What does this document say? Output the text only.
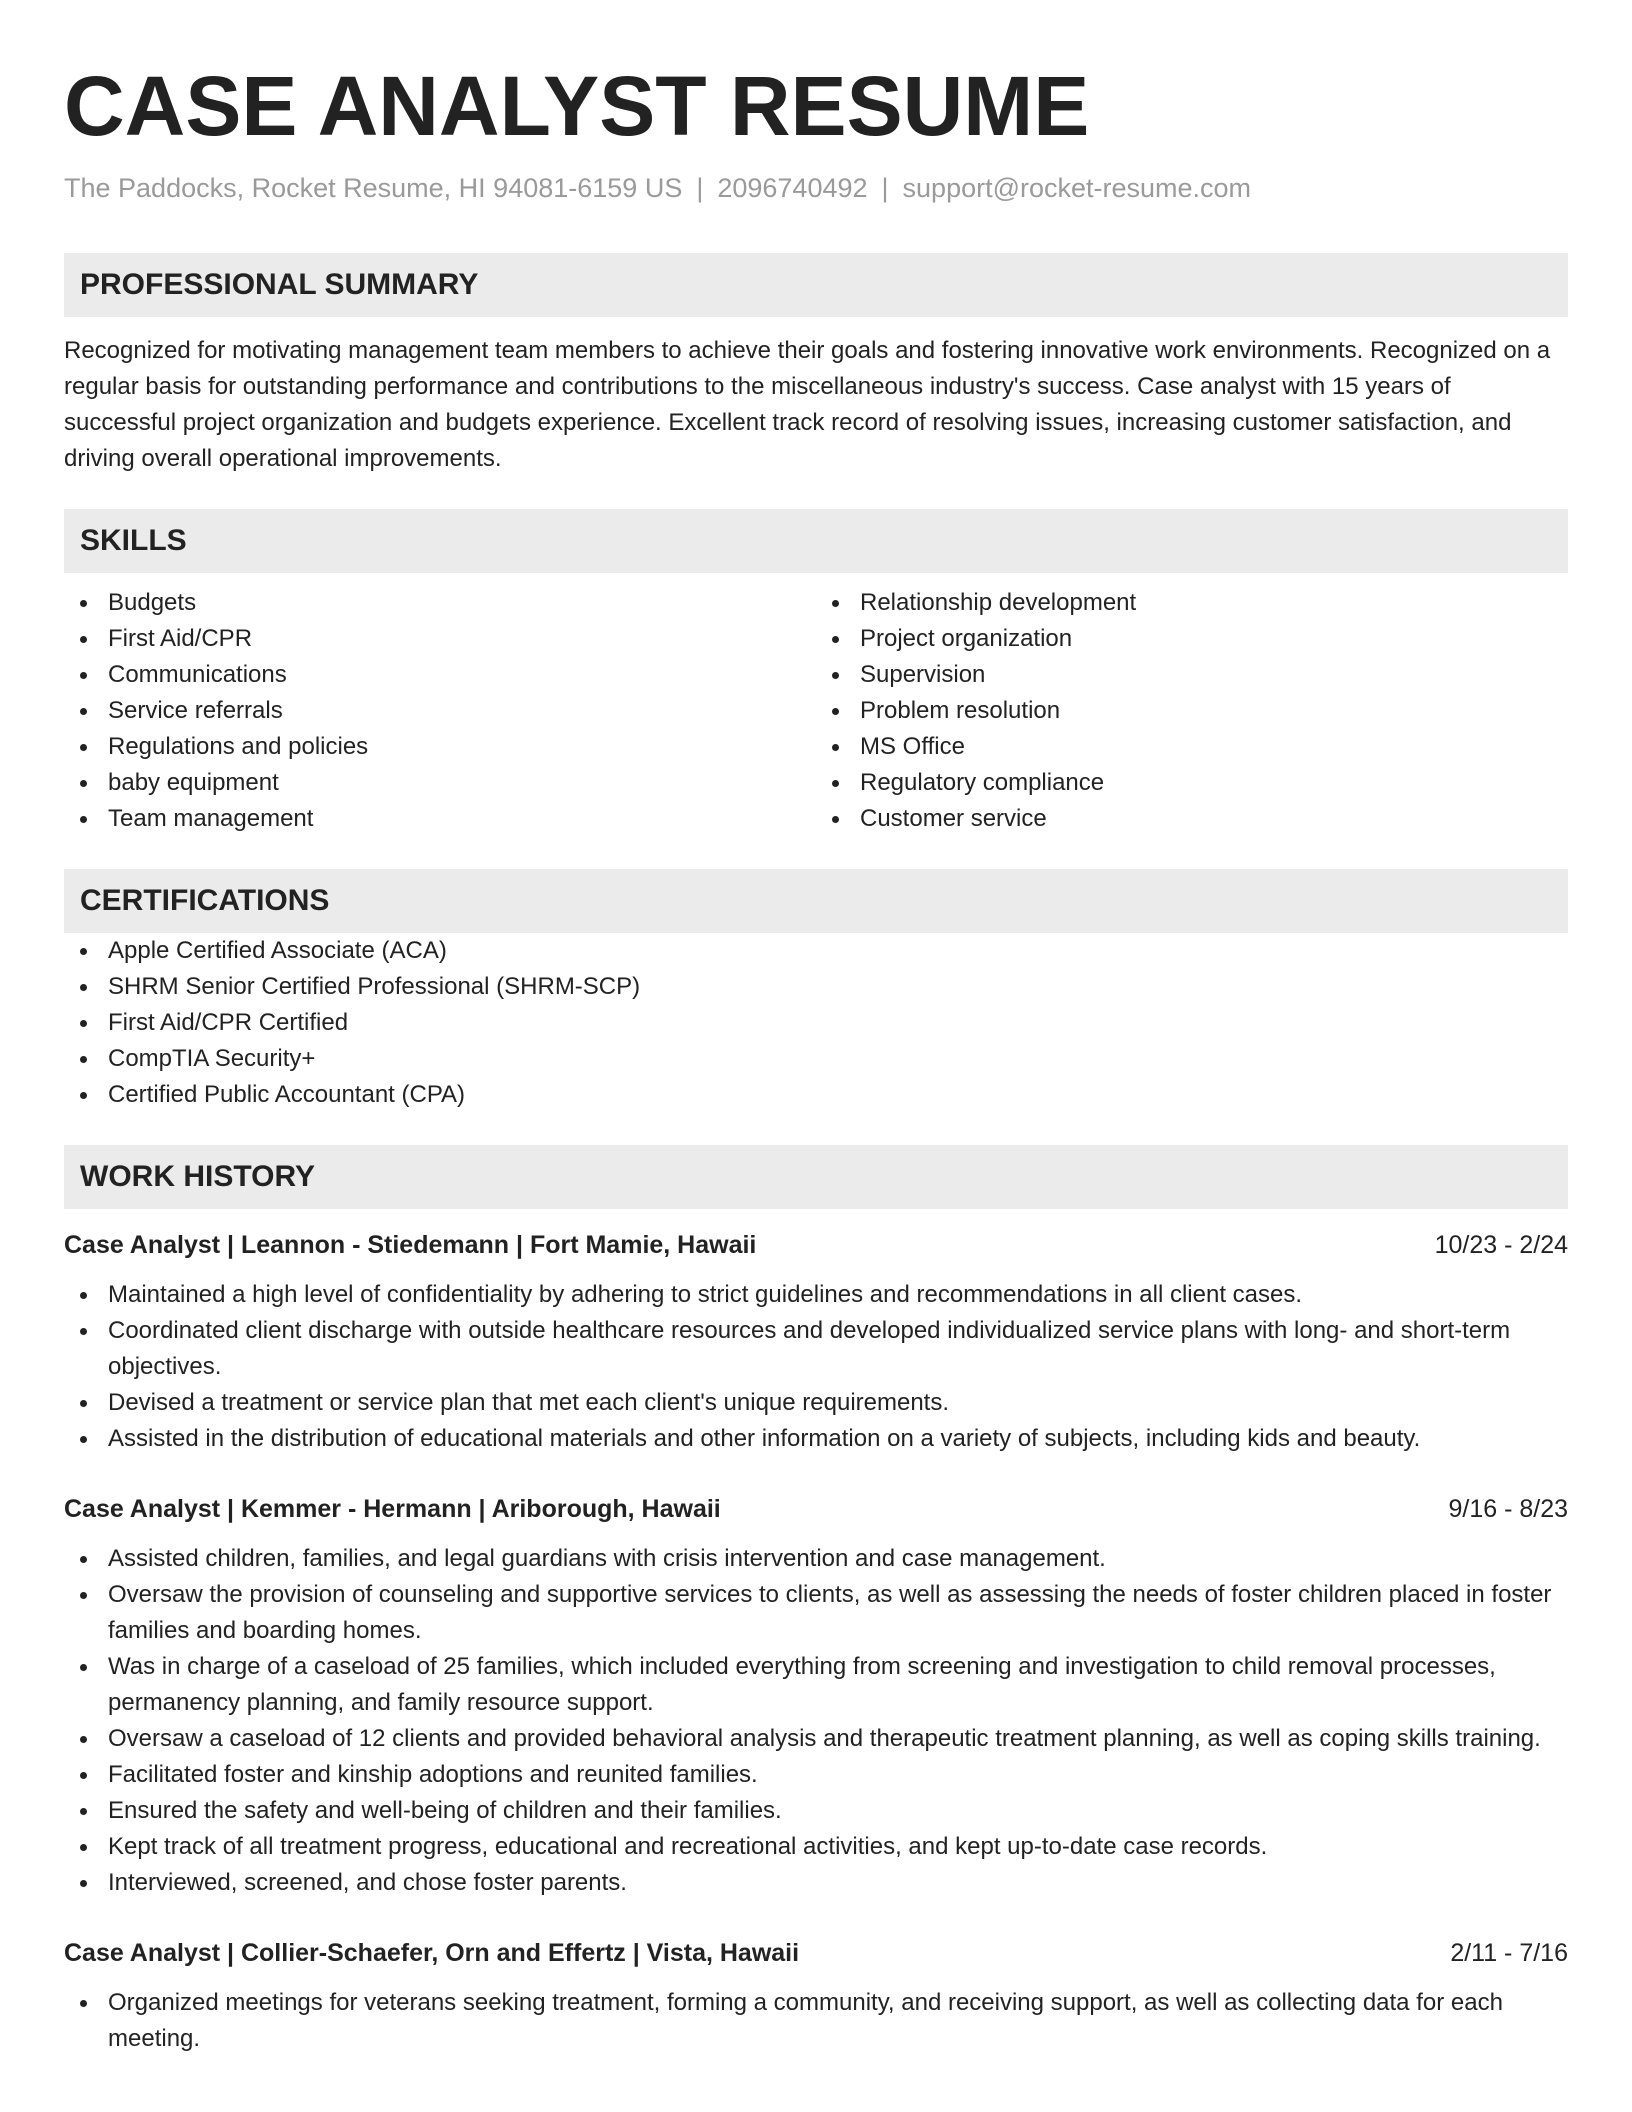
CASE ANALYST RESUME
The Paddocks, Rocket Resume, HI 94081-6159 US | 2096740492 | support@rocket-resume.com
PROFESSIONAL SUMMARY

Recognized for motivating management team members to achieve their goals and fostering innovative work environments. Recognized on a regular basis for outstanding performance and contributions to the miscellaneous industry's success. Case analyst with 15 years of successful project organization and budgets experience. Excellent track record of resolving issues, increasing customer satisfaction, and driving overall operational improvements.

SKILLS
Budgets
First Aid/CPR
Communications
Service referrals
Regulations and policies
baby equipment
Team management
Relationship development
Project organization
Supervision
Problem resolution
MS Office
Regulatory compliance
Customer service
CERTIFICATIONS
Apple Certified Associate (ACA)
SHRM Senior Certified Professional (SHRM-SCP)
First Aid/CPR Certified
CompTIA Security+
Certified Public Accountant (CPA)
WORK HISTORY
Case Analyst | Leannon - Stiedemann | Fort Mamie, Hawaii	10/23 - 2/24
Maintained a high level of confidentiality by adhering to strict guidelines and recommendations in all client cases.
Coordinated client discharge with outside healthcare resources and developed individualized service plans with long- and short-term objectives.
Devised a treatment or service plan that met each client's unique requirements.
Assisted in the distribution of educational materials and other information on a variety of subjects, including kids and beauty.
Case Analyst | Kemmer - Hermann | Ariborough, Hawaii	9/16 - 8/23
Assisted children, families, and legal guardians with crisis intervention and case management.
Oversaw the provision of counseling and supportive services to clients, as well as assessing the needs of foster children placed in foster families and boarding homes.
Was in charge of a caseload of 25 families, which included everything from screening and investigation to child removal processes, permanency planning, and family resource support.
Oversaw a caseload of 12 clients and provided behavioral analysis and therapeutic treatment planning, as well as coping skills training.
Facilitated foster and kinship adoptions and reunited families.
Ensured the safety and well-being of children and their families.
Kept track of all treatment progress, educational and recreational activities, and kept up-to-date case records.
Interviewed, screened, and chose foster parents.
Case Analyst | Collier-Schaefer, Orn and Effertz | Vista, Hawaii	2/11 - 7/16
Organized meetings for veterans seeking treatment, forming a community, and receiving support, as well as collecting data for each meeting.
